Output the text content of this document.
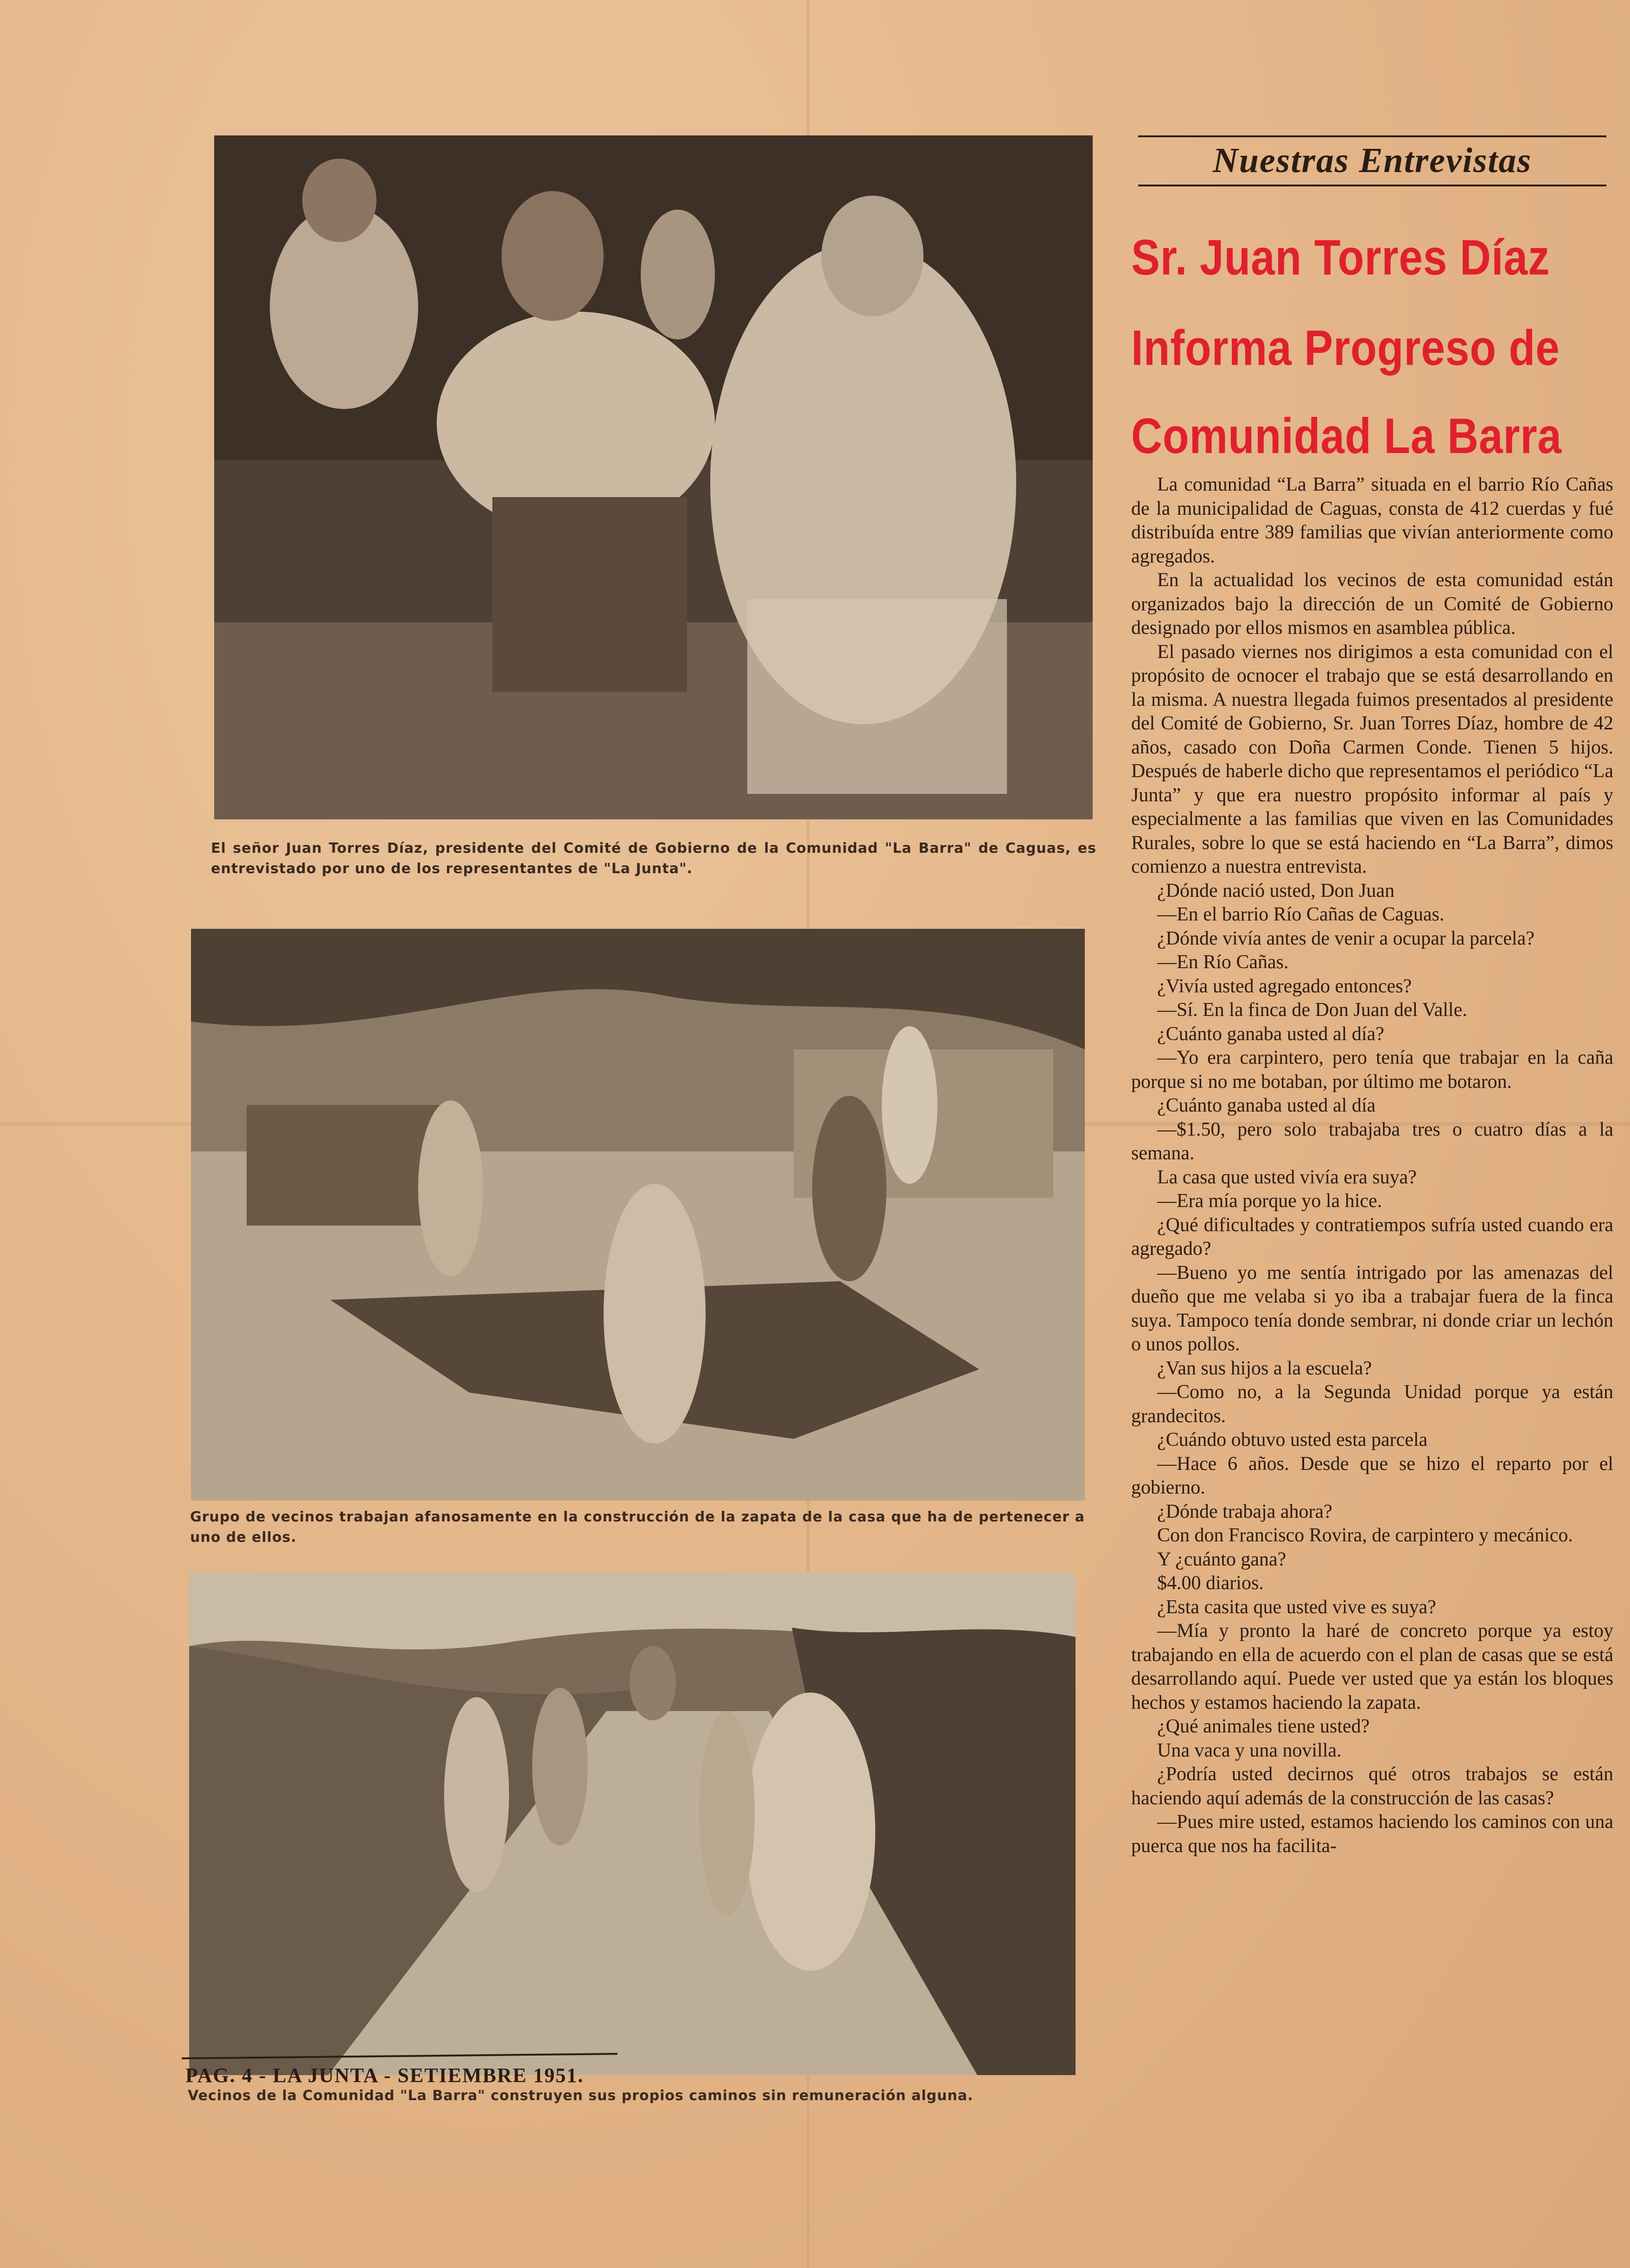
El señor Juan Torres Díaz, presidente del Comité de Gobierno de la Comunidad "La Barra" de Caguas, es entrevistado por uno de los representantes de "La Junta".
Grupo de vecinos trabajan afanosamente en la construcción de la zapata de la casa que ha de pertenecer a uno de ellos.
Vecinos de la Comunidad "La Barra" construyen sus propios caminos sin remuneración alguna.
Nuestras Entrevistas
Sr. Juan Torres Díaz
Informa Progreso de
Comunidad La Barra

La comunidad “La Barra” situada en el barrio Río Cañas de la municipalidad de Caguas, consta de 412 cuerdas y fué distribuída entre 389 familias que vivían anteriormente como agregados.

En la actualidad los vecinos de esta comunidad están organizados bajo la dirección de un Comité de Gobierno designado por ellos mismos en asamblea pública.

El pasado viernes nos dirigimos a esta comunidad con el propósito de ocnocer el trabajo que se está desarrollando en la misma. A nuestra llegada fuimos presentados al presidente del Comité de Gobierno, Sr. Juan Torres Díaz, hombre de 42 años, casado con Doña Carmen Conde. Tienen 5 hijos. Después de haberle dicho que representamos el periódico “La Junta” y que era nuestro propósito informar al país y especialmente a las familias que viven en las Comunidades Rurales, sobre lo que se está haciendo en “La Barra”, dimos comienzo a nuestra entrevista.

¿Dónde nació usted, Don Juan

—En el barrio Río Cañas de Caguas.

¿Dónde vivía antes de venir a ocupar la parcela?

—En Río Cañas.

¿Vivía usted agregado entonces?

—Sí. En la finca de Don Juan del Valle.

¿Cuánto ganaba usted al día?

—Yo era carpintero, pero tenía que trabajar en la caña porque si no me botaban, por último me botaron.

¿Cuánto ganaba usted al día

—$1.50, pero solo trabajaba tres o cuatro días a la semana.

La casa que usted vivía era suya?

—Era mía porque yo la hice.

¿Qué dificultades y contratiempos sufría usted cuando era agregado?

—Bueno yo me sentía intrigado por las amenazas del dueño que me velaba si yo iba a trabajar fuera de la finca suya. Tampoco tenía donde sembrar, ni donde criar un lechón o unos pollos.

¿Van sus hijos a la escuela?

—Como no, a la Segunda Unidad porque ya están grandecitos.

¿Cuándo obtuvo usted esta parcela

—Hace 6 años. Desde que se hizo el reparto por el gobierno.

¿Dónde trabaja ahora?

Con don Francisco Rovira, de carpintero y mecánico.

Y ¿cuánto gana?

$4.00 diarios.

¿Esta casita que usted vive es suya?

—Mía y pronto la haré de concreto porque ya estoy trabajando en ella de acuerdo con el plan de casas que se está desarrollando aquí. Puede ver usted que ya están los bloques hechos y estamos haciendo la zapata.

¿Qué animales tiene usted?

Una vaca y una novilla.

¿Podría usted decirnos qué otros trabajos se están haciendo aquí además de la construcción de las casas?

—Pues mire usted, estamos haciendo los caminos con una puerca que nos ha facilita-

PAG. 4 - LA JUNTA - SETIEMBRE 1951.
